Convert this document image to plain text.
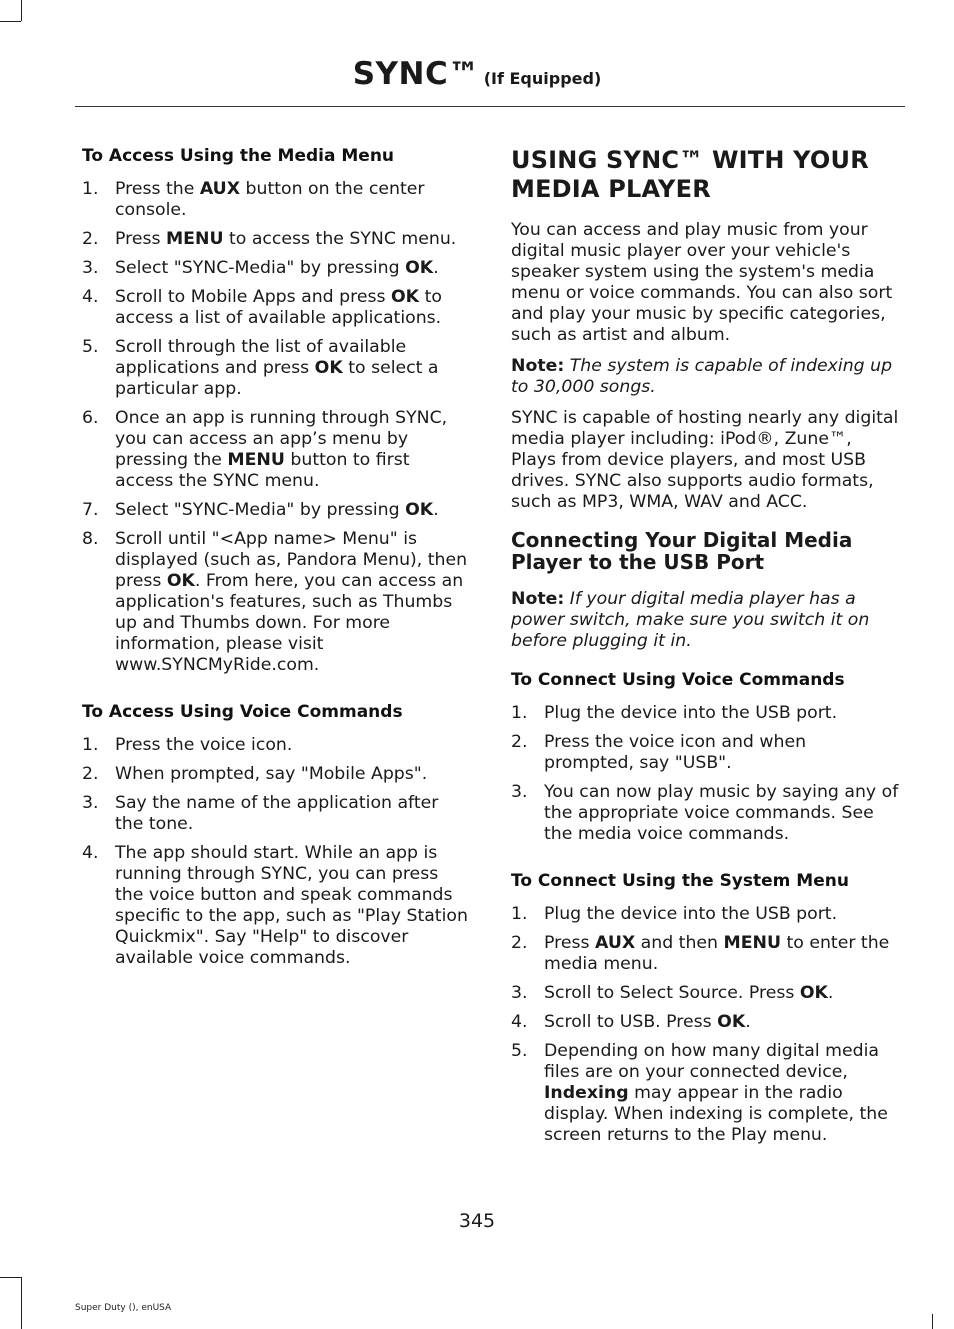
SYNC™ (If Equipped)
To Access Using the Media Menu
1. Press the AUX button on the center console.
2. Press MENU to access the SYNC menu.
3. Select "SYNC-Media" by pressing OK.
4. Scroll to Mobile Apps and press OK to access a list of available applications.
5. Scroll through the list of available applications and press OK to select a particular app.
6. Once an app is running through SYNC, you can access an app’s menu by pressing the MENU button to first access the SYNC menu.
7. Select "SYNC-Media" by pressing OK.
8. Scroll until "<App name> Menu" is displayed (such as, Pandora Menu), then press OK. From here, you can access an application's features, such as Thumbs up and Thumbs down. For more information, please visit www.SYNCMyRide.com.
To Access Using Voice Commands
1. Press the voice icon.
2. When prompted, say "Mobile Apps".
3. Say the name of the application after the tone.
4. The app should start. While an app is running through SYNC, you can press the voice button and speak commands specific to the app, such as "Play Station Quickmix". Say "Help" to discover available voice commands.
USING SYNC™ WITH YOUR MEDIA PLAYER

You can access and play music from your digital music player over your vehicle's speaker system using the system's media menu or voice commands. You can also sort and play your music by specific categories, such as artist and album.

Note: The system is capable of indexing up to 30,000 songs.

SYNC is capable of hosting nearly any digital media player including: iPod®, Zune™, Plays from device players, and most USB drives. SYNC also supports audio formats, such as MP3, WMA, WAV and ACC.

Connecting Your Digital Media Player to the USB Port

Note: If your digital media player has a power switch, make sure you switch it on before plugging it in.

To Connect Using Voice Commands
1. Plug the device into the USB port.
2. Press the voice icon and when prompted, say "USB".
3. You can now play music by saying any of the appropriate voice commands. See the media voice commands.
To Connect Using the System Menu
1. Plug the device into the USB port.
2. Press AUX and then MENU to enter the media menu.
3. Scroll to Select Source. Press OK.
4. Scroll to USB. Press OK.
5. Depending on how many digital media files are on your connected device, Indexing may appear in the radio display. When indexing is complete, the screen returns to the Play menu.
345
Super Duty (), enUSA
